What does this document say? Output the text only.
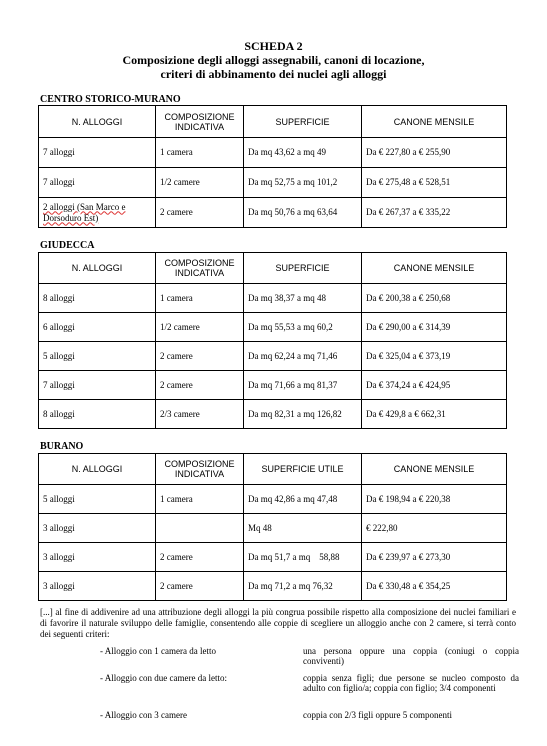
SCHEDA 2
Composizione degli alloggi assegnabili, canoni di locazione,
criteri di abbinamento dei nuclei agli alloggi
CENTRO STORICO-MURANO
N. ALLOGGI	COMPOSIZIONE INDICATIVA	SUPERFICIE	CANONE MENSILE
7 alloggi	1 camera	Da mq 43,62 a mq 49	Da € 227,80 a € 255,90
7 alloggi	1/2 camere	Da mq 52,75 a mq 101,2	Da € 275,48 a € 528,51
2 alloggi (San Marco e Dorsoduro Est)	2 camere	Da mq 50,76 a mq 63,64	Da € 267,37 a € 335,22
GIUDECCA
N. ALLOGGI	COMPOSIZIONE INDICATIVA	SUPERFICIE	CANONE MENSILE
8 alloggi	1 camera	Da mq 38,37 a mq 48	Da € 200,38 a € 250,68
6 alloggi	1/2 camere	Da mq 55,53 a mq 60,2	Da € 290,00 a € 314,39
5 alloggi	2 camere	Da mq 62,24 a mq 71,46	Da € 325,04 a € 373,19
7 alloggi	2 camere	Da mq 71,66 a mq 81,37	Da € 374,24 a € 424,95
8 alloggi	2/3 camere	Da mq 82,31 a mq 126,82	Da € 429,8 a € 662,31
BURANO
N. ALLOGGI	COMPOSIZIONE INDICATIVA	SUPERFICIE UTILE	CANONE MENSILE
5 alloggi	1 camera	Da mq 42,86 a mq 47,48	Da € 198,94 a € 220,38
3 alloggi		Mq 48	€ 222,80
3 alloggi	2 camere	Da mq 51,7 a mq    58,88	Da € 239,97 a € 273,30
3 alloggi	2 camere	Da mq 71,2 a mq 76,32	Da € 330,48 a € 354,25
[...] al fine di addivenire ad una attribuzione degli alloggi la più congrua possibile rispetto alla composizione dei nuclei familiari e di favorire il naturale sviluppo delle famiglie, consentendo alle coppie di scegliere un alloggio anche con 2 camere, si terrà conto dei seguenti criteri:
- Alloggio con 1 camera da letto	una persona oppure una coppia (coniugi o coppia conviventi)
- Alloggio con due camere da letto:	coppia senza figli; due persone se nucleo composto da adulto con figlio/a; coppia con figlio; 3/4 componenti
- Alloggio con 3 camere	coppia con 2/3 figli oppure 5 componenti
